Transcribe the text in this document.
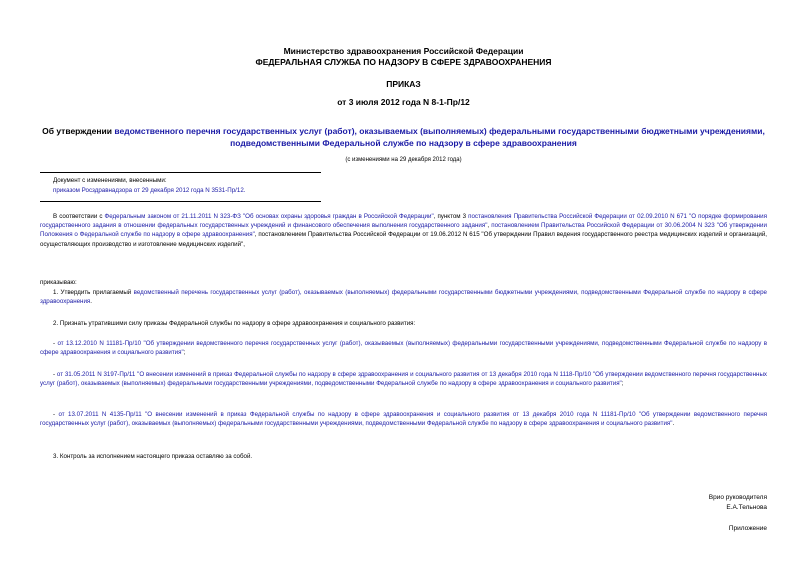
Министерство здравоохранения Российской Федерации
ФЕДЕРАЛЬНАЯ СЛУЖБА ПО НАДЗОРУ В СФЕРЕ ЗДРАВООХРАНЕНИЯ
ПРИКАЗ
от 3 июля 2012 года N 8-1-Пр/12
Об утверждении ведомственного перечня государственных услуг (работ), оказываемых (выполняемых) федеральными государственными бюджетными учреждениями, подведомственными Федеральной службе по надзору в сфере здравоохранения
(с изменениями на 29 декабря 2012 года)
Документ с изменениями, внесенными:
приказом Росздравнадзора от 29 декабря 2012 года N 3531-Пр/12.
В соответствии с Федеральным законом от 21.11.2011 N 323-ФЗ "Об основах охраны здоровья граждан в Российской Федерации", пунктом 3 постановления Правительства Российской Федерации от 02.09.2010 N 671 "О порядке формирования государственного задания в отношении федеральных государственных учреждений и финансового обеспечения выполнения государственного задания", постановлением Правительства Российской Федерации от 30.06.2004 N 323 "Об утверждении Положения о Федеральной службе по надзору в сфере здравоохранения", постановлением Правительства Российской Федерации от 19.06.2012 N 615 "Об утверждении Правил ведения государственного реестра медицинских изделий и организаций, осуществляющих производство и изготовление медицинских изделий",
приказываю:
1. Утвердить прилагаемый ведомственный перечень государственных услуг (работ), оказываемых (выполняемых) федеральными государственными бюджетными учреждениями, подведомственными Федеральной службе по надзору в сфере здравоохранения.
2. Признать утратившими силу приказы Федеральной службы по надзору в сфере здравоохранения и социального развития:
- от 13.12.2010 N 11181-Пр/10 "Об утверждении ведомственного перечня государственных услуг (работ), оказываемых (выполняемых) федеральными государственными учреждениями, подведомственными Федеральной службе по надзору в сфере здравоохранения и социального развития";
- от 31.05.2011 N 3197-Пр/11 "О внесении изменений в приказ Федеральной службы по надзору в сфере здравоохранения и социального развития от 13 декабря 2010 года N 1118-Пр/10 "Об утверждении ведомственного перечня государственных услуг (работ), оказываемых (выполняемых) федеральными государственными учреждениями, подведомственными Федеральной службе по надзору в сфере здравоохранения и социального развития";
- от 13.07.2011 N 4135-Пр/11 "О внесении изменений в приказ Федеральной службы по надзору в сфере здравоохранения и социального развития от 13 декабря 2010 года N 11181-Пр/10 "Об утверждении ведомственного перечня государственных услуг (работ), оказываемых (выполняемых) федеральными государственными учреждениями, подведомственными Федеральной службе по надзору в сфере здравоохранения и социального развития".
3. Контроль за исполнением настоящего приказа оставляю за собой.
Врио руководителя
Е.А.Тельнова
Приложение
